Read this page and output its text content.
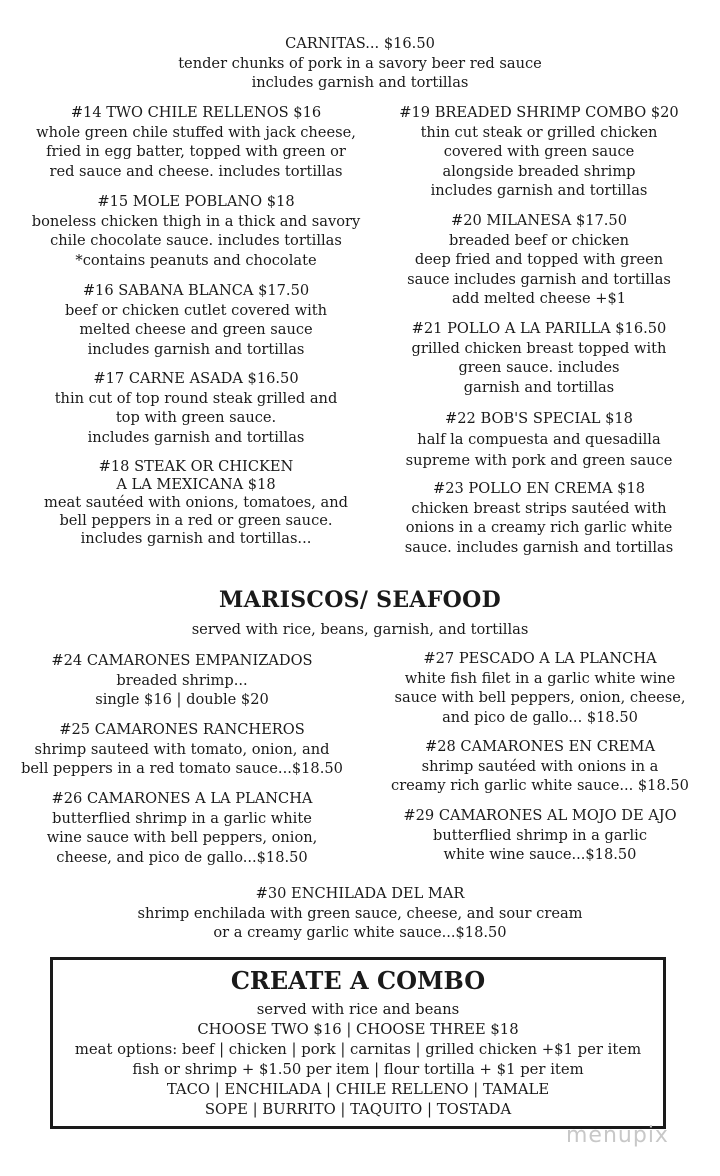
CARNITAS... $16.50
tender chunks of pork in a savory beer red sauce
includes garnish and tortillas
#14 TWO CHILE RELLENOS $16
whole green chile stuffed with jack cheese,
fried in egg batter, topped with green or
red sauce and cheese. includes tortillas
#15 MOLE POBLANO $18
boneless chicken thigh in a thick and savory
chile chocolate sauce. includes tortillas
*contains peanuts and chocolate
#16 SABANA BLANCA $17.50
beef or chicken cutlet covered with
melted cheese and green sauce
includes garnish and tortillas
#17 CARNE ASADA $16.50
thin cut of top round steak grilled and
top with green sauce.
includes garnish and tortillas
#18 STEAK OR CHICKEN
A LA MEXICANA $18
meat sautéed with onions, tomatoes, and
bell peppers in a red or green sauce.
includes garnish and tortillas...
#19 BREADED SHRIMP COMBO $20
thin cut steak or grilled chicken
covered with green sauce
alongside breaded shrimp
includes garnish and tortillas
#20 MILANESA $17.50
breaded beef or chicken
deep fried and topped with green
sauce includes garnish and tortillas
add melted cheese +$1
#21 POLLO A LA PARILLA $16.50
grilled chicken breast topped with
green sauce. includes
garnish and tortillas
#22 BOB'S SPECIAL $18
half la compuesta and quesadilla
supreme with pork and green sauce
#23 POLLO EN CREMA $18
chicken breast strips sautéed with
onions in a creamy rich garlic white
sauce. includes garnish and tortillas
MARISCOS/ SEAFOOD
served with rice, beans, garnish, and tortillas
#24 CAMARONES EMPANIZADOS
breaded shrimp...
single $16 | double $20
#25 CAMARONES RANCHEROS
shrimp sauteed with tomato, onion, and
bell peppers in a red tomato sauce...$18.50
#26 CAMARONES A LA PLANCHA
butterflied shrimp in a garlic white
wine sauce with bell peppers, onion,
cheese, and pico de gallo...$18.50
#27 PESCADO A LA PLANCHA
white fish filet in a garlic white wine
sauce with bell peppers, onion, cheese,
and pico de gallo... $18.50
#28 CAMARONES EN CREMA
shrimp sautéed with onions in a
creamy rich garlic white sauce... $18.50
#29 CAMARONES AL MOJO DE AJO
butterflied shrimp in a garlic
white wine sauce...$18.50
#30 ENCHILADA DEL MAR
shrimp enchilada with green sauce, cheese, and sour cream
or a creamy garlic white sauce...$18.50
CREATE A COMBO
served with rice and beans
CHOOSE TWO $16 | CHOOSE THREE $18
meat options: beef | chicken | pork | carnitas | grilled chicken +$1 per item
fish or shrimp + $1.50 per item | flour tortilla + $1 per item
TACO | ENCHILADA | CHILE RELLENO | TAMALE
SOPE | BURRITO | TAQUITO | TOSTADA
menupix
